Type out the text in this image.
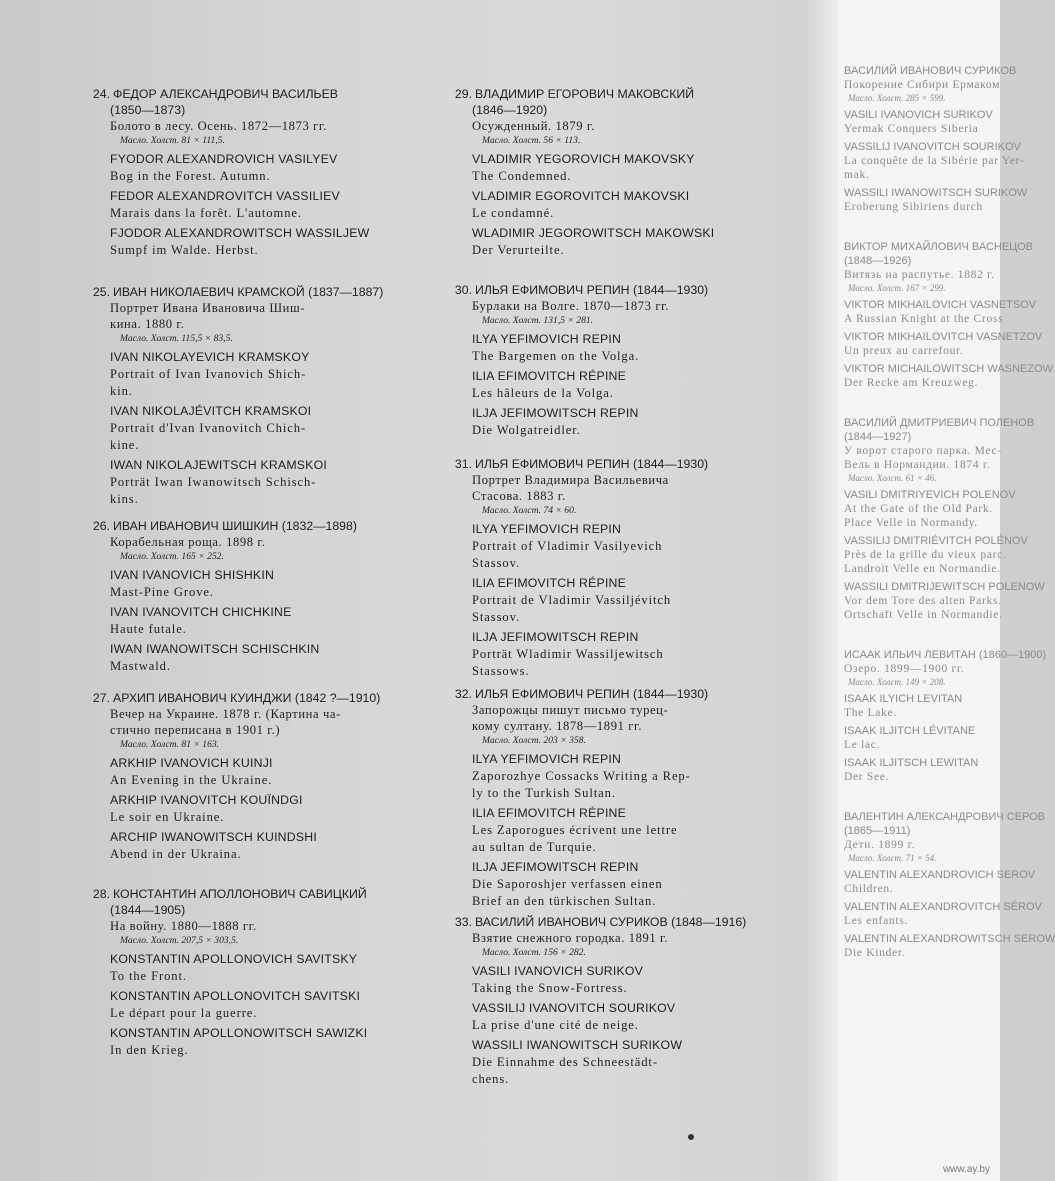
ВАСИЛИЙ ИВАНОВИЧ СУРИКОВ
Покорение Сибири Ермаком
Масло. Холст. 285 × 599.
VASILI IVANOVICH SURIKOV
Yermak Conquers Siberia
VASSILIJ IVANOVITCH SOURIKOV
La conquête de la Sibérie par Yer-
mak.
WASSILI IWANOWITSCH SURIKOW
Eroberung Sibiriens durch
ВИКТОР МИХАЙЛОВИЧ ВАСНЕЦОВ
(1848—1926)
Витязь на распутье. 1882 г.
Масло. Холст. 167 × 299.
VIKTOR MIKHAILOVICH VASNETSOV
A Russian Knight at the Cross
VIKTOR MIKHAILOVITCH VASNETZOV
Un preux au carrefour.
VIKTOR MICHAILOWITSCH WASNEZOW
Der Recke am Kreuzweg.
ВАСИЛИЙ ДМИТРИЕВИЧ ПОЛЕНОВ
(1844—1927)
У ворот старого парка. Мес-
Вель в Нормандии. 1874 г.
Масло. Холст. 61 × 46.
VASILI DMITRIYEVICH POLENOV
At the Gate of the Old Park.
Place Velle in Normandy.
VASSILIJ DMITRIÉVITCH POLÉNOV
Près de la grille du vieux parc.
Landroit Velle en Normandie.
WASSILI DMITRIJEWITSCH POLENOW
Vor dem Tore des alten Parks.
Ortschaft Velle in Normandie.
ИСААК ИЛЬИЧ ЛЕВИТАН (1860—1900)
Озеро. 1899—1900 гг.
Масло. Холст. 149 × 208.
ISAAK ILYICH LEVITAN
The Lake.
ISAAK ILJITCH LÉVITANE
Le lac.
ISAAK ILJITSCH LEWITAN
Der See.
ВАЛЕНТИН АЛЕКСАНДРОВИЧ СЕРОВ
(1865—1911)
Дети. 1899 г.
Масло. Холст. 71 × 54.
VALENTIN ALEXANDROVICH SEROV
Children.
VALENTIN ALEXANDROVITCH SÉROV
Les enfants.
VALENTIN ALEXANDROWITSCH SEROW
Die Kinder.
24. ФЕДОР АЛЕКСАНДРОВИЧ ВАСИЛЬЕВ
(1850—1873)
Болото в лесу. Осень. 1872—1873 гг.
Масло. Холст. 81 × 111,5.
FYODOR ALEXANDROVICH VASILYEV
Bog in the Forest. Autumn.
FEDOR ALEXANDROVITCH VASSILIEV
Marais dans la forêt. L'automne.
FJODOR ALEXANDROWITSCH WASSILJEW
Sumpf im Walde. Herbst.
25. ИВАН НИКОЛАЕВИЧ КРАМСКОЙ (1837—1887)
Портрет Ивана Ивановича Шиш-
кина. 1880 г.
Масло. Холст. 115,5 × 83,5.
IVAN NIKOLAYEVICH KRAMSKOY
Portrait of Ivan Ivanovich Shich-
kin.
IVAN NIKOLAJÉVITCH KRAMSKOI
Portrait d'Ivan Ivanovitch Chich-
kine.
IWAN NIKOLAJEWITSCH KRAMSKOI
Porträt Iwan Iwanowitsch Schisch-
kins.
26. ИВАН ИВАНОВИЧ ШИШКИН (1832—1898)
Корабельная роща. 1898 г.
Масло. Холст. 165 × 252.
IVAN IVANOVICH SHISHKIN
Mast-Pine Grove.
IVAN IVANOVITCH CHICHKINE
Haute futale.
IWAN IWANOWITSCH SCHISCHKIN
Mastwald.
27. АРХИП ИВАНОВИЧ КУИНДЖИ (1842 ?—1910)
Вечер на Украине. 1878 г. (Картина ча-
стично переписана в 1901 г.)
Масло. Холст. 81 × 163.
ARKHIP IVANOVICH KUINJI
An Evening in the Ukraine.
ARKHIP IVANOVITCH KOUÏNDGI
Le soir en Ukraine.
ARCHIP IWANOWITSCH KUINDSHI
Abend in der Ukraina.
28. КОНСТАНТИН АПОЛЛОНОВИЧ САВИЦКИЙ
(1844—1905)
На войну. 1880—1888 гг.
Масло. Холст. 207,5 × 303,5.
KONSTANTIN APOLLONOVICH SAVITSKY
To the Front.
KONSTANTIN APOLLONOVITCH SAVITSKI
Le départ pour la guerre.
KONSTANTIN APOLLONOWITSCH SAWIZKI
In den Krieg.
29. ВЛАДИМИР ЕГОРОВИЧ МАКОВСКИЙ
(1846—1920)
Осужденный. 1879 г.
Масло. Холст. 56 × 113.
VLADIMIR YEGOROVICH MAKOVSKY
The Condemned.
VLADIMIR EGOROVITCH MAKOVSKI
Le condamné.
WLADIMIR JEGOROWITSCH MAKOWSKI
Der Verurteilte.
30. ИЛЬЯ ЕФИМОВИЧ РЕПИН (1844—1930)
Бурлаки на Волге. 1870—1873 гг.
Масло. Холст. 131,5 × 281.
ILYA YEFIMOVICH REPIN
The Bargemen on the Volga.
ILIA EFIMOVITCH RÉPINE
Les hâleurs de la Volga.
ILJA JEFIMOWITSCH REPIN
Die Wolgatreidler.
31. ИЛЬЯ ЕФИМОВИЧ РЕПИН (1844—1930)
Портрет Владимира Васильевича
Стасова. 1883 г.
Масло. Холст. 74 × 60.
ILYA YEFIMOVICH REPIN
Portrait of Vladimir Vasilyevich
Stassov.
ILIA EFIMOVITCH RÉPINE
Portrait de Vladimir Vassiljévitch
Stassov.
ILJA JEFIMOWITSCH REPIN
Porträt Wladimir Wassiljewitsch
Stassows.
32. ИЛЬЯ ЕФИМОВИЧ РЕПИН (1844—1930)
Запорожцы пишут письмо турец-
кому султану. 1878—1891 гг.
Масло. Холст. 203 × 358.
ILYA YEFIMOVICH REPIN
Zaporozhye Cossacks Writing a Rep-
ly to the Turkish Sultan.
ILIA EFIMOVITCH RÉPINE
Les Zaporogues écrivent une lettre
au sultan de Turquie.
ILJA JEFIMOWITSCH REPIN
Die Saporoshjer verfassen einen
Brief an den türkischen Sultan.
33. ВАСИЛИЙ ИВАНОВИЧ СУРИКОВ (1848—1916)
Взятие снежного городка. 1891 г.
Масло. Холст. 156 × 282.
VASILI IVANOVICH SURIKOV
Taking the Snow-Fortress.
VASSILIJ IVANOVITCH SOURIKOV
La prise d'une cité de neige.
WASSILI IWANOWITSCH SURIKOW
Die Einnahme des Schneestädt-
chens.
www.ay.by
